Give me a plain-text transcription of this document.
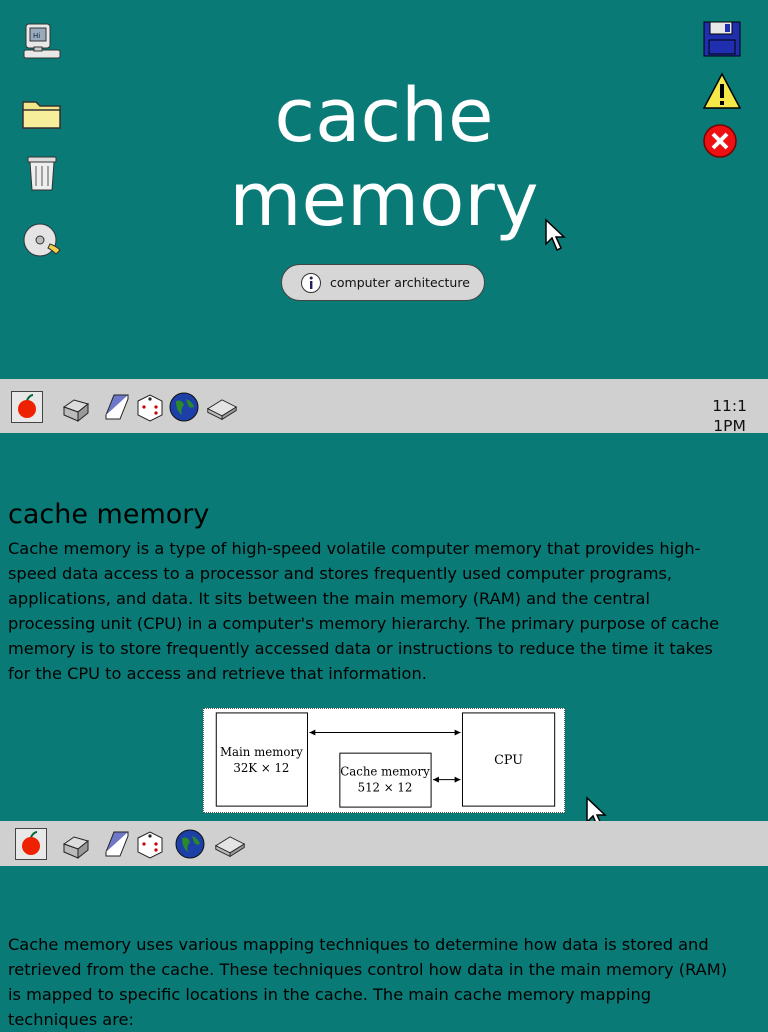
Hi
cache
memory
computer architecture
11:1
1PM
cache memory

Cache memory is a type of high-speed volatile computer memory that provides high-speed data access to a processor and stores frequently used computer programs, applications, and data. It sits between the main memory (RAM) and the central processing unit (CPU) in a computer's memory hierarchy. The primary purpose of cache memory is to store frequently accessed data or instructions to reduce the time it takes for the CPU to access and retrieve that information.

Main memory
32K × 12	Cache memory
512 × 12
CPU

Cache memory uses various mapping techniques to determine how data is stored and retrieved from the cache. These techniques control how data in the main memory (RAM) is mapped to specific locations in the cache. The main cache memory mapping techniques are:
